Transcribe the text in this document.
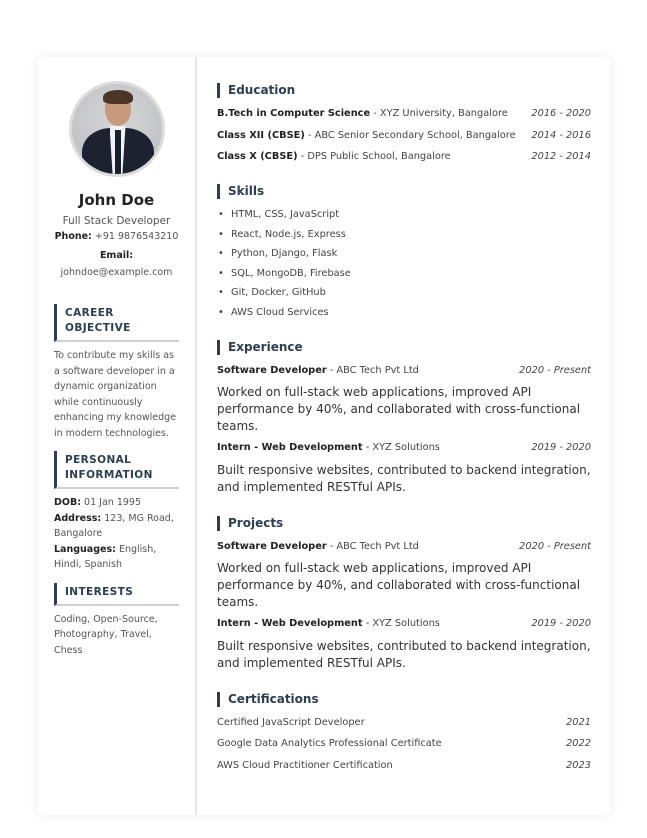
John Doe
Full Stack Developer
Phone: +91 9876543210
Email:
johndoe@example.com
CAREER OBJECTIVE
To contribute my skills as a software developer in a dynamic organization while continuously enhancing my knowledge in modern technologies.
PERSONAL INFORMATION
DOB: 01 Jan 1995
Address: 123, MG Road, Bangalore
Languages: English, Hindi, Spanish
INTERESTS
Coding, Open-Source, Photography, Travel, Chess
Education
B.Tech in Computer Science - XYZ University, Bangalore 2016 - 2020
Class XII (CBSE) - ABC Senior Secondary School, Bangalore 2014 - 2016
Class X (CBSE) - DPS Public School, Bangalore	2012 - 2014
Skills
• HTML, CSS, JavaScript
• React, Node.js, Express
• Python, Django, Flask
• SQL, MongoDB, Firebase
• Git, Docker, GitHub
• AWS Cloud Services
Experience
Software Developer - ABC Tech Pvt Ltd	2020 - Present
Worked on full-stack web applications, improved API performance by 40%, and collaborated with cross-functional teams.
Intern - Web Development - XYZ Solutions	2019 - 2020
Built responsive websites, contributed to backend integration, and implemented RESTful APIs.
Projects
Software Developer - ABC Tech Pvt Ltd	2020 - Present
Worked on full-stack web applications, improved API performance by 40%, and collaborated with cross-functional teams.
Intern - Web Development - XYZ Solutions	2019 - 2020
Built responsive websites, contributed to backend integration, and implemented RESTful APIs.
Certifications
Certified JavaScript Developer	2021
Google Data Analytics Professional Certificate	2022
AWS Cloud Practitioner Certification	2023
